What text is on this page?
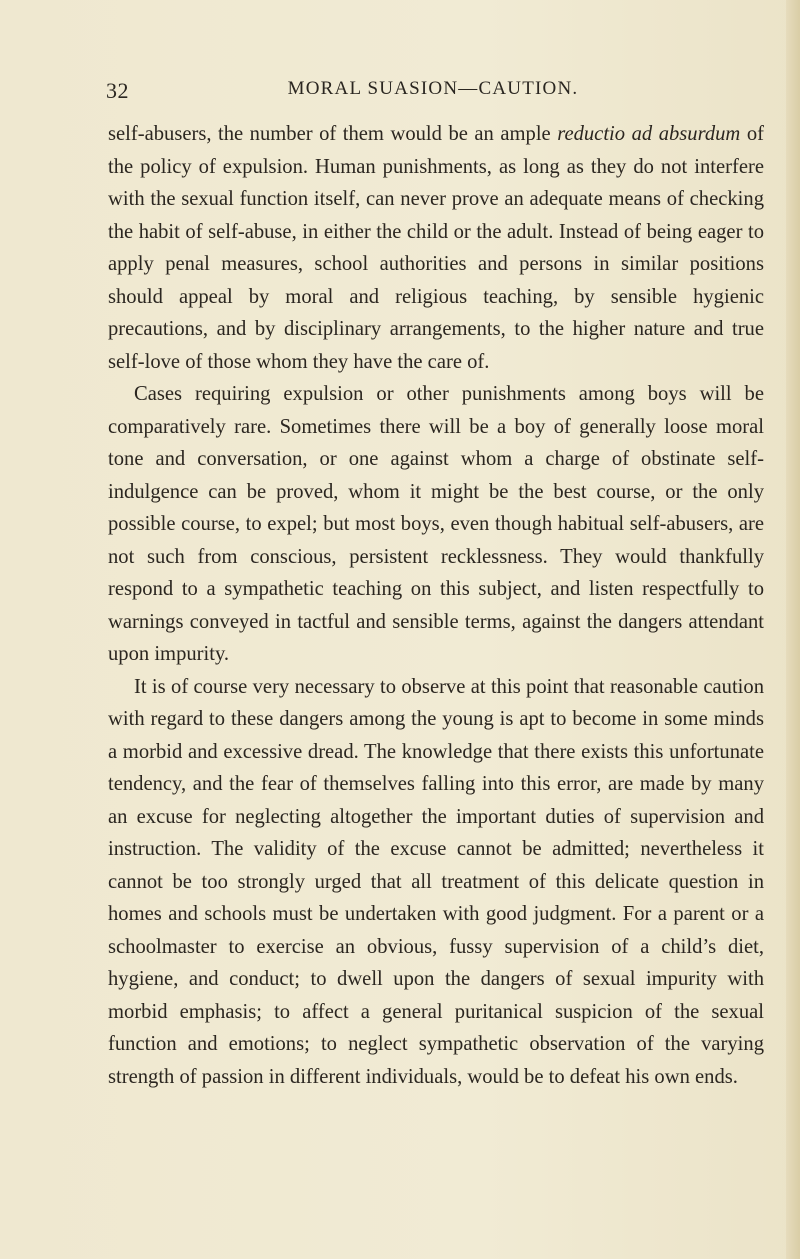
32	MORAL SUASION—CAUTION.

self-abusers, the number of them would be an ample reductio ad absurdum of the policy of expulsion. Human punishments, as long as they do not interfere with the sexual function itself, can never prove an adequate means of checking the habit of self-abuse, in either the child or the adult. Instead of being eager to apply penal measures, school authorities and persons in similar positions should appeal by moral and religious teaching, by sensible hygienic precautions, and by disciplinary arrangements, to the higher nature and true self-love of those whom they have the care of.

Cases requiring expulsion or other punishments among boys will be comparatively rare. Sometimes there will be a boy of generally loose moral tone and conversation, or one against whom a charge of obstinate self-indulgence can be proved, whom it might be the best course, or the only possible course, to expel; but most boys, even though habitual self-abusers, are not such from conscious, persistent recklessness. They would thankfully respond to a sympathetic teaching on this subject, and listen respectfully to warnings conveyed in tactful and sensible terms, against the dangers attendant upon impurity.

It is of course very necessary to observe at this point that reasonable caution with regard to these dangers among the young is apt to become in some minds a morbid and excessive dread. The knowledge that there exists this unfortunate tendency, and the fear of themselves falling into this error, are made by many an excuse for neglecting altogether the important duties of supervision and instruction. The validity of the excuse cannot be admitted; nevertheless it cannot be too strongly urged that all treatment of this delicate question in homes and schools must be undertaken with good judgment. For a parent or a schoolmaster to exercise an obvious, fussy supervision of a child’s diet, hygiene, and conduct; to dwell upon the dangers of sexual impurity with morbid emphasis; to affect a general puritanical suspicion of the sexual function and emotions; to neglect sympathetic observation of the varying strength of passion in different individuals, would be to defeat his own ends.
